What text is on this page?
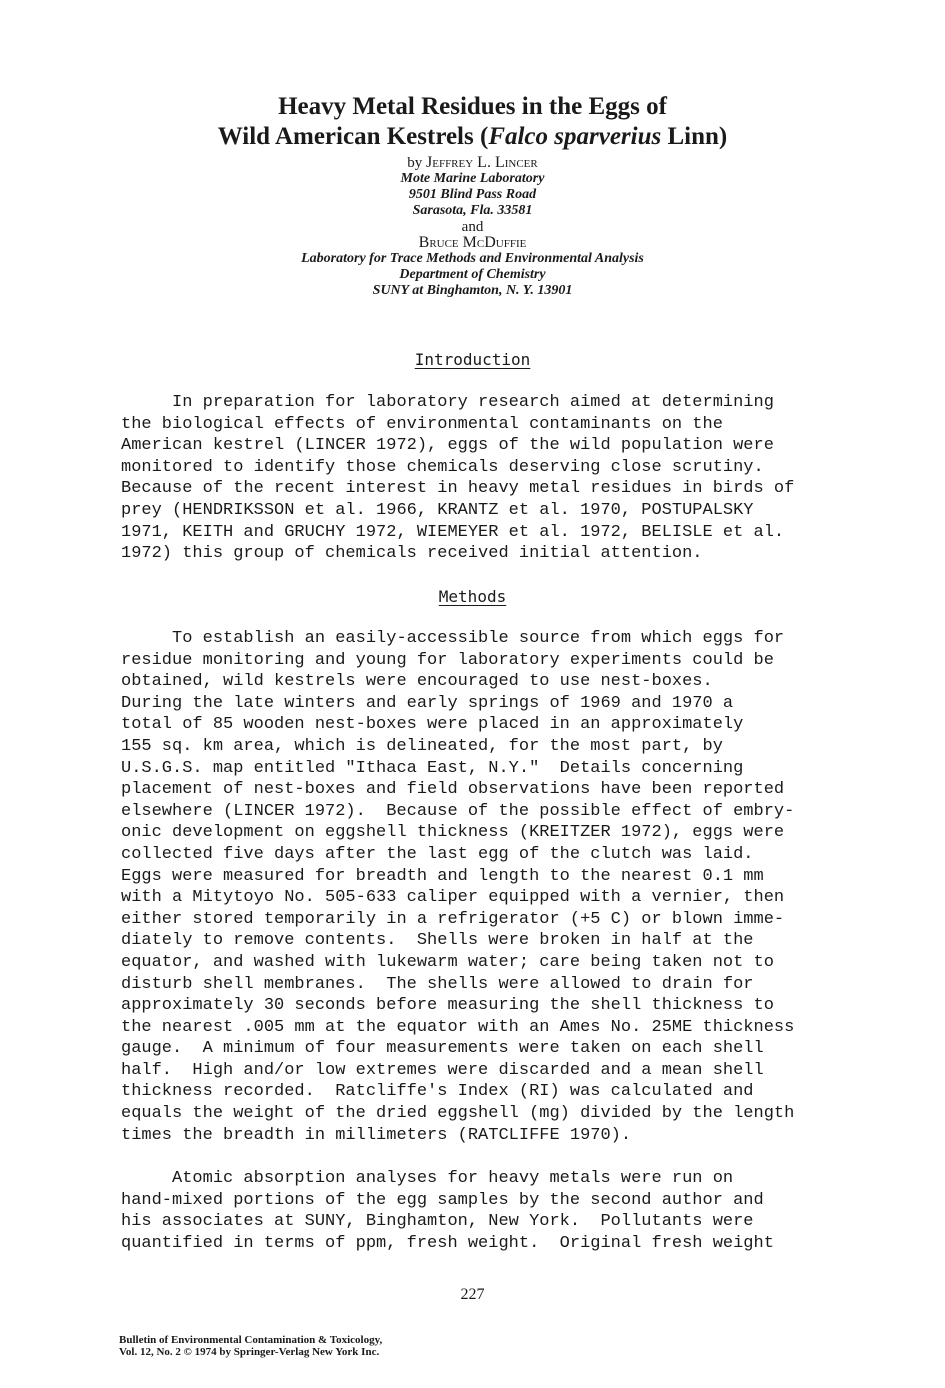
Heavy Metal Residues in the Eggs of
Wild American Kestrels (Falco sparverius Linn)
by Jeffrey L. Lincer
Mote Marine Laboratory
9501 Blind Pass Road
Sarasota, Fla. 33581
and
Bruce McDuffie
Laboratory for Trace Methods and Environmental Analysis
Department of Chemistry
SUNY at Binghamton, N. Y. 13901
Introduction
In preparation for laboratory research aimed at determining
the biological effects of environmental contaminants on the
American kestrel (LINCER 1972), eggs of the wild population were
monitored to identify those chemicals deserving close scrutiny.
Because of the recent interest in heavy metal residues in birds of
prey (HENDRIKSSON et al. 1966, KRANTZ et al. 1970, POSTUPALSKY
1971, KEITH and GRUCHY 1972, WIEMEYER et al. 1972, BELISLE et al.
1972) this group of chemicals received initial attention.
Methods
To establish an easily-accessible source from which eggs for
residue monitoring and young for laboratory experiments could be
obtained, wild kestrels were encouraged to use nest-boxes.
During the late winters and early springs of 1969 and 1970 a
total of 85 wooden nest-boxes were placed in an approximately
155 sq. km area, which is delineated, for the most part, by
U.S.G.S. map entitled "Ithaca East, N.Y."  Details concerning
placement of nest-boxes and field observations have been reported
elsewhere (LINCER 1972).  Because of the possible effect of embry-
onic development on eggshell thickness (KREITZER 1972), eggs were
collected five days after the last egg of the clutch was laid.
Eggs were measured for breadth and length to the nearest 0.1 mm
with a Mitytoyo No. 505-633 caliper equipped with a vernier, then
either stored temporarily in a refrigerator (+5 C) or blown imme-
diately to remove contents.  Shells were broken in half at the
equator, and washed with lukewarm water; care being taken not to
disturb shell membranes.  The shells were allowed to drain for
approximately 30 seconds before measuring the shell thickness to
the nearest .005 mm at the equator with an Ames No. 25ME thickness
gauge.  A minimum of four measurements were taken on each shell
half.  High and/or low extremes were discarded and a mean shell
thickness recorded.  Ratcliffe's Index (RI) was calculated and
equals the weight of the dried eggshell (mg) divided by the length
times the breadth in millimeters (RATCLIFFE 1970).
Atomic absorption analyses for heavy metals were run on
hand-mixed portions of the egg samples by the second author and
his associates at SUNY, Binghamton, New York.  Pollutants were
quantified in terms of ppm, fresh weight.  Original fresh weight
227
Bulletin of Environmental Contamination & Toxicology,
Vol. 12, No. 2 © 1974 by Springer-Verlag New York Inc.
